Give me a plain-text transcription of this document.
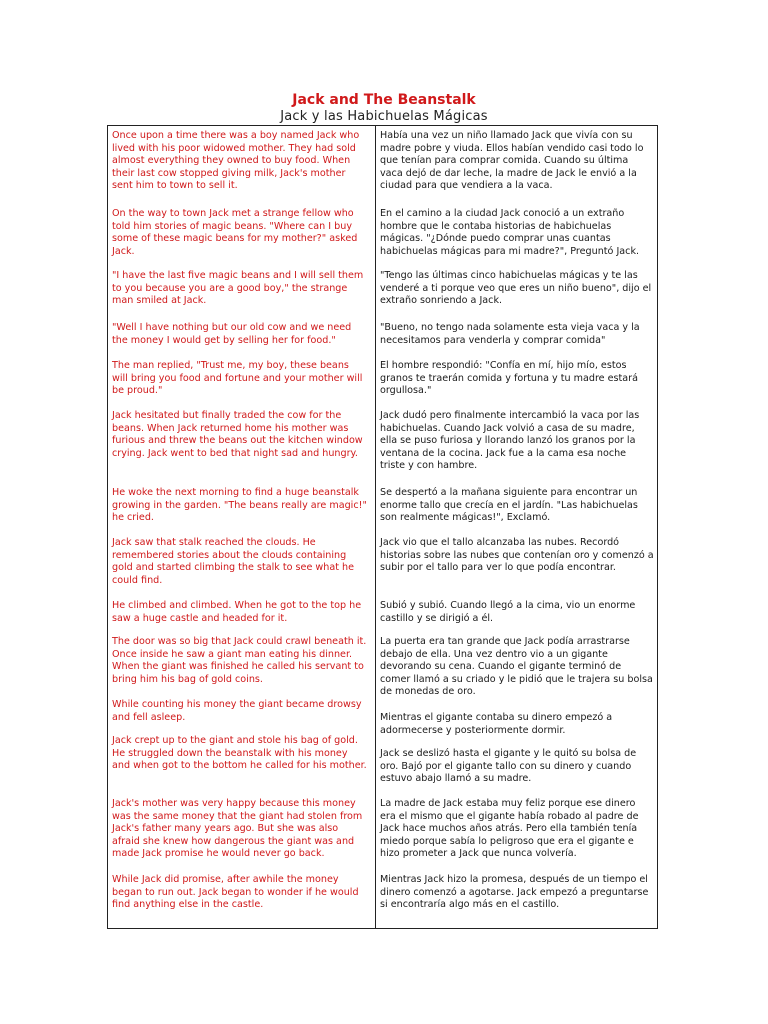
Jack and The Beanstalk
Jack y las Habichuelas Mágicas

Once upon a time there was a boy named Jack who lived with his poor widowed mother. They had sold almost everything they owned to buy food. When their last cow stopped giving milk, Jack's mother sent him to town to sell it.

On the way to town Jack met a strange fellow who told him stories of magic beans. "Where can I buy some of these magic beans for my mother?" asked Jack.

"I have the last five magic beans and I will sell them to you because you are a good boy," the strange man smiled at Jack.

"Well I have nothing but our old cow and we need the money I would get by selling her for food."

The man replied, "Trust me, my boy, these beans will bring you food and fortune and your mother will be proud."

Jack hesitated but finally traded the cow for the beans. When Jack returned home his mother was furious and threw the beans out the kitchen window crying. Jack went to bed that night sad and hungry.

He woke the next morning to find a huge beanstalk growing in the garden. "The beans really are magic!" he cried.

Jack saw that stalk reached the clouds. He remembered stories about the clouds containing gold and started climbing the stalk to see what he could find.

He climbed and climbed. When he got to the top he saw a huge castle and headed for it.

The door was so big that Jack could crawl beneath it. Once inside he saw a giant man eating his dinner. When the giant was finished he called his servant to bring him his bag of gold coins.

While counting his money the giant became drowsy and fell asleep.

Jack crept up to the giant and stole his bag of gold. He struggled down the beanstalk with his money and when got to the bottom he called for his mother.

Jack's mother was very happy because this money was the same money that the giant had stolen from Jack's father many years ago. But she was also afraid she knew how dangerous the giant was and made Jack promise he would never go back.

While Jack did promise, after awhile the money began to run out. Jack began to wonder if he would find anything else in the castle.

Había una vez un niño llamado Jack que vivía con su madre pobre y viuda. Ellos habían vendido casi todo lo que tenían para comprar comida. Cuando su última vaca dejó de dar leche, la madre de Jack le envió a la ciudad para que vendiera a la vaca.

En el camino a la ciudad Jack conoció a un extraño hombre que le contaba historias de habichuelas mágicas. "¿Dónde puedo comprar unas cuantas habichuelas mágicas para mi madre?", Preguntó Jack.

"Tengo las últimas cinco habichuelas mágicas y te las venderé a ti porque veo que eres un niño bueno", dijo el extraño sonriendo a Jack.

"Bueno, no tengo nada solamente esta vieja vaca y la necesitamos para venderla y comprar comida"

El hombre respondió: "Confía en mí, hijo mío, estos granos te traerán comida y fortuna y tu madre estará orgullosa."

Jack dudó pero finalmente intercambió la vaca por las habichuelas. Cuando Jack volvió a casa de su madre, ella se puso furiosa y llorando lanzó los granos por la ventana de la cocina. Jack fue a la cama esa noche triste y con hambre.

Se despertó a la mañana siguiente para encontrar un enorme tallo que crecía en el jardín. "Las habichuelas son realmente mágicas!", Exclamó.

Jack vio que el tallo alcanzaba las nubes. Recordó historias sobre las nubes que contenían oro y comenzó a subir por el tallo para ver lo que podía encontrar.

Subió y subió. Cuando llegó a la cima, vio un enorme castillo y se dirigió a él.

La puerta era tan grande que Jack podía arrastrarse debajo de ella. Una vez dentro vio a un gigante devorando su cena. Cuando el gigante terminó de comer llamó a su criado y le pidió que le trajera su bolsa de monedas de oro.

Mientras el gigante contaba su dinero empezó a adormecerse y posteriormente dormir.

Jack se deslizó hasta el gigante y le quitó su bolsa de oro. Bajó por el gigante tallo con su dinero y cuando estuvo abajo llamó a su madre.

La madre de Jack estaba muy feliz porque ese dinero era el mismo que el gigante había robado al padre de Jack hace muchos años atrás. Pero ella también tenía miedo porque sabía lo peligroso que era el gigante e hizo prometer a Jack que nunca volvería.

Mientras Jack hizo la promesa, después de un tiempo el dinero comenzó a agotarse. Jack empezó a preguntarse si encontraría algo más en el castillo.
